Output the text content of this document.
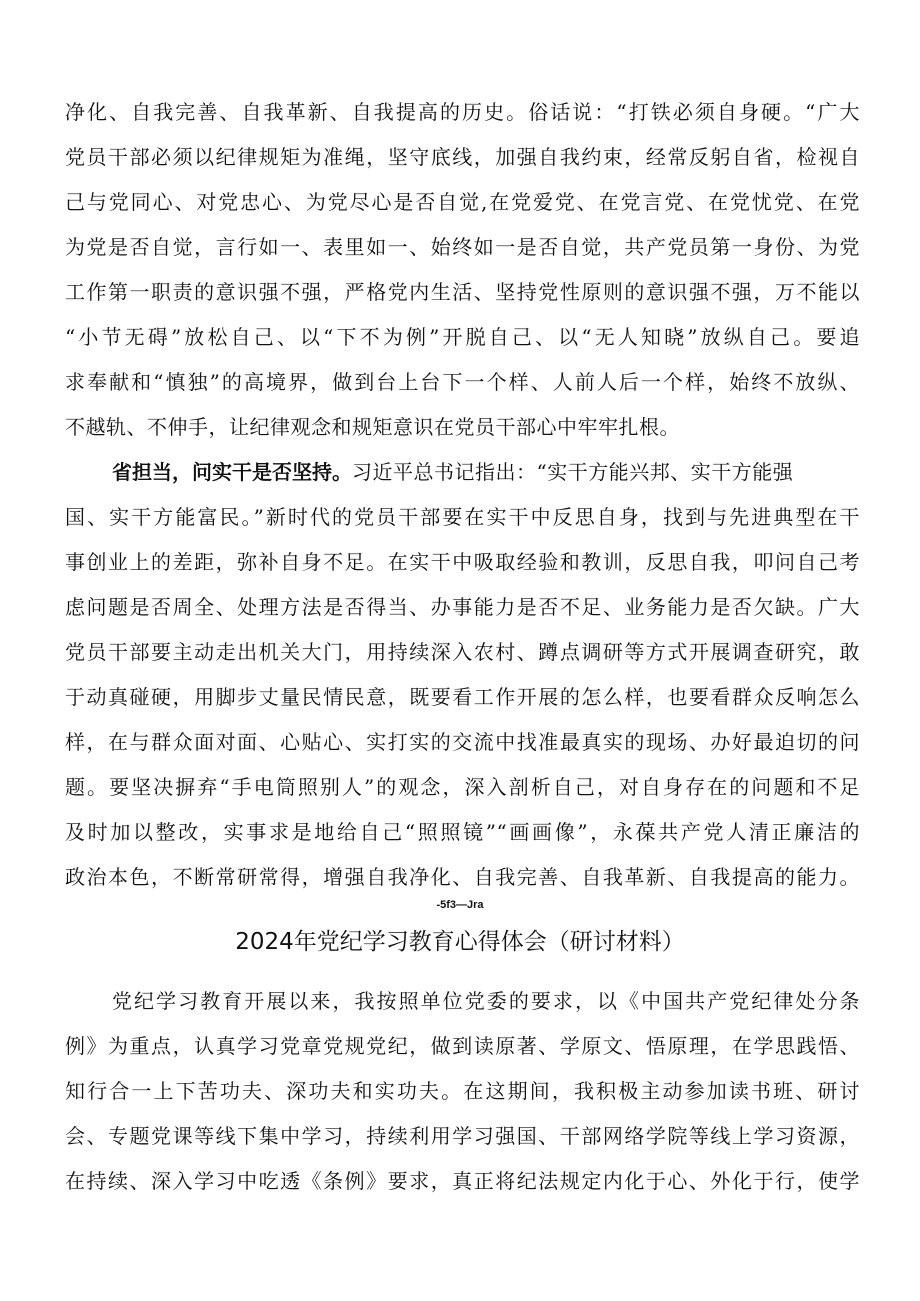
净化、自我完善、自我革新、自我提高的历史。俗话说：“打铁必须自身硬。“广大
党员干部必须以纪律规矩为准绳，坚守底线，加强自我约束，经常反躬自省，检视自
己与党同心、对党忠心、为党尽心是否自觉,在党爱党、在党言党、在党忧党、在党
为党是否自觉，言行如一、表里如一、始终如一是否自觉，共产党员第一身份、为党
工作第一职责的意识强不强，严格党内生活、坚持党性原则的意识强不强，万不能以
“小节无碍”放松自己、以“下不为例”开脱自己、以“无人知晓”放纵自己。要追
求奉献和“慎独”的高境界，做到台上台下一个样、人前人后一个样，始终不放纵、
不越轨、不伸手，让纪律观念和规矩意识在党员干部心中牢牢扎根。
省担当，问实干是否坚持。习近平总书记指出：“实干方能兴邦、实干方能强
国、实干方能富民。”新时代的党员干部要在实干中反思自身，找到与先进典型在干
事创业上的差距，弥补自身不足。在实干中吸取经验和教训，反思自我，叩问自己考
虑问题是否周全、处理方法是否得当、办事能力是否不足、业务能力是否欠缺。广大
党员干部要主动走出机关大门，用持续深入农村、蹲点调研等方式开展调查研究，敢
于动真碰硬，用脚步丈量民情民意，既要看工作开展的怎么样，也要看群众反响怎么
样，在与群众面对面、心贴心、实打实的交流中找准最真实的现场、办好最迫切的问
题。要坚决摒弃“手电筒照别人”的观念，深入剖析自己，对自身存在的问题和不足
及时加以整改，实事求是地给自己“照照镜”“画画像”，永葆共产党人清正廉洁的
政治本色，不断常研常得，增强自我净化、自我完善、自我革新、自我提高的能力。
-5f3—Jra
2024年党纪学习教育心得体会（研讨材料）
党纪学习教育开展以来，我按照单位党委的要求，以《中国共产党纪律处分条
例》为重点，认真学习党章党规党纪，做到读原著、学原文、悟原理，在学思践悟、
知行合一上下苦功夫、深功夫和实功夫。在这期间，我积极主动参加读书班、研讨
会、专题党课等线下集中学习，持续利用学习强国、干部网络学院等线上学习资源，
在持续、深入学习中吃透《条例》要求，真正将纪法规定内化于心、外化于行，使学
